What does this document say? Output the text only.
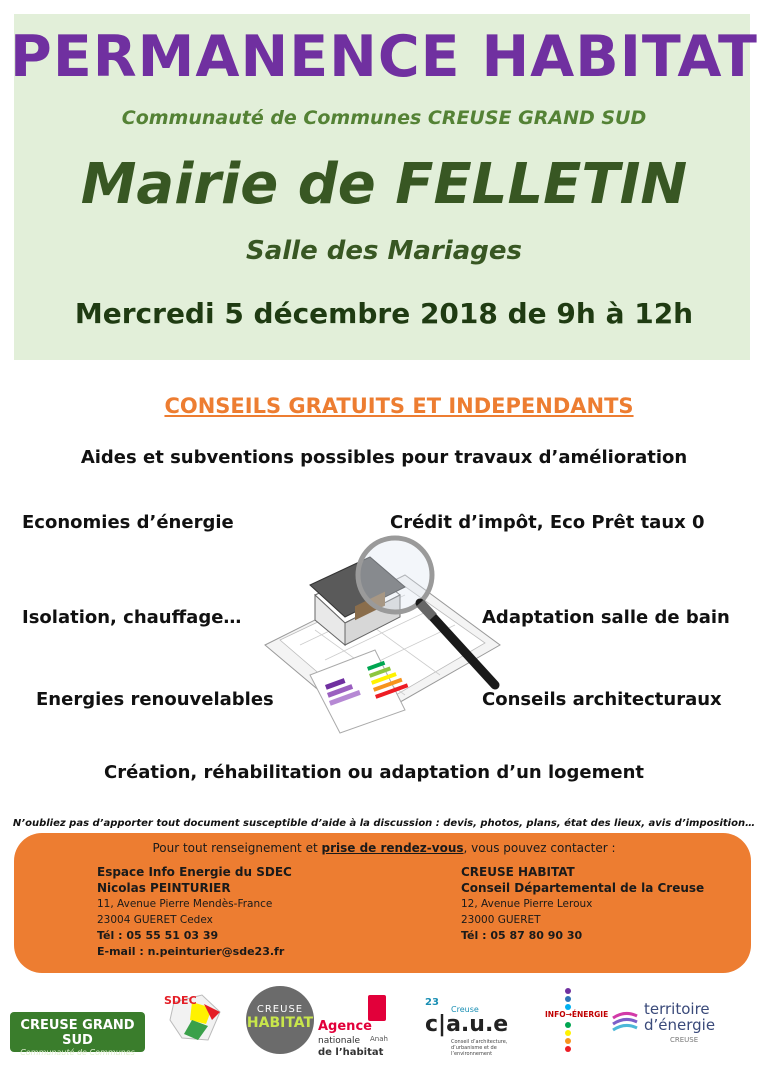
PERMANENCE HABITAT
Communauté de Communes CREUSE GRAND SUD
Mairie de FELLETIN
Salle des Mariages
Mercredi 5 décembre 2018 de 9h à 12h
CONSEILS GRATUITS ET INDEPENDANTS
Aides et subventions possibles pour travaux d’amélioration
Economies d’énergie
Isolation, chauffage…
Energies renouvelables
Crédit d’impôt, Eco Prêt taux 0
Adaptation salle de bain
Conseils architecturaux
Création, réhabilitation ou adaptation d’un logement
N’oubliez pas d’apporter tout document susceptible d’aide à la discussion : devis, photos, plans, état des lieux, avis d’imposition…
Pour tout renseignement et prise de rendez-vous, vous pouvez contacter :
Espace Info Energie du SDEC
Nicolas PEINTURIER
11, Avenue Pierre Mendès-France
23004 GUERET Cedex
Tél : 05 55 51 03 39
E-mail : n.peinturier@sde23.fr
CREUSE HABITAT
Conseil Départemental de la Creuse
12, Avenue Pierre Leroux
23000 GUERET
Tél : 05 87 80 90 30
CREUSE GRAND SUD
Communauté de Communes
SDEC
CREUSE
HABITAT Agence
nationale
de l’habitat
Anah
23
Creuse
c|a.u.e
Conseil d’architecture, d’urbanisme et de l’environnement
INFO→ÉNERGIE territoire
d’énergie
CREUSE
